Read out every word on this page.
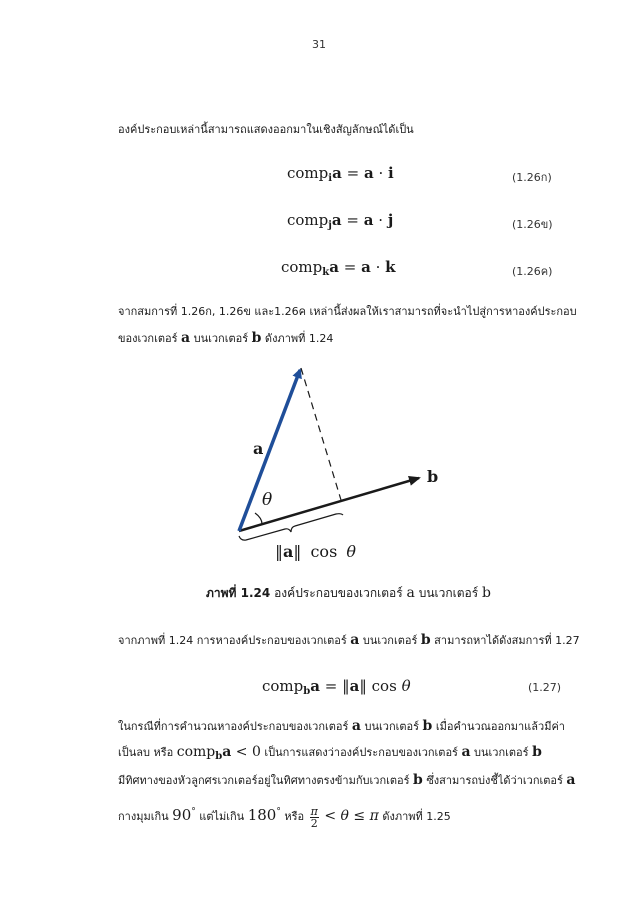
31
องค์ประกอบเหล่านี้สามารถแสดงออกมาในเชิงสัญลักษณ์ได้เป็น
comp$_i$a = a · i	(1.26ก)
comp$_j$a = a · j	(1.26ข)
comp$_k$a = a · k	(1.26ค)
จากสมการที่ 1.26ก, 1.26ข และ1.26ค เหล่านี้ส่งผลให้เราสามารถที่จะนำไปสู่การหาองค์ประกอบ
ของเวกเตอร์ a บนเวกเตอร์ b ดังภาพที่ 1.24
a
b
θ
‖a‖ cos θ
ภาพที่ 1.24 องค์ประกอบของเวกเตอร์ a บนเวกเตอร์ b
จากภาพที่ 1.24 การหาองค์ประกอบของเวกเตอร์ a บนเวกเตอร์ b สามารถหาได้ดังสมการที่ 1.27
comp$_b$a = ‖a‖ cos θ	(1.27)
ในกรณีที่การคำนวณหาองค์ประกอบของเวกเตอร์ a บนเวกเตอร์ b เมื่อคำนวณออกมาแล้วมีค่า
เป็นลบ หรือ comp$_b$a < 0 เป็นการแสดงว่าองค์ประกอบของเวกเตอร์ a บนเวกเตอร์ b
มีทิศทางของหัวลูกศรเวกเตอร์อยู่ในทิศทางตรงข้ามกับเวกเตอร์ b ซึ่งสามารถบ่งชี้ได้ว่าเวกเตอร์ a
กางมุมเกิน 90° แต่ไม่เกิน 180° หรือ $\frac{\pi}{2} < \theta \le \pi$ ดังภาพที่ 1.25
